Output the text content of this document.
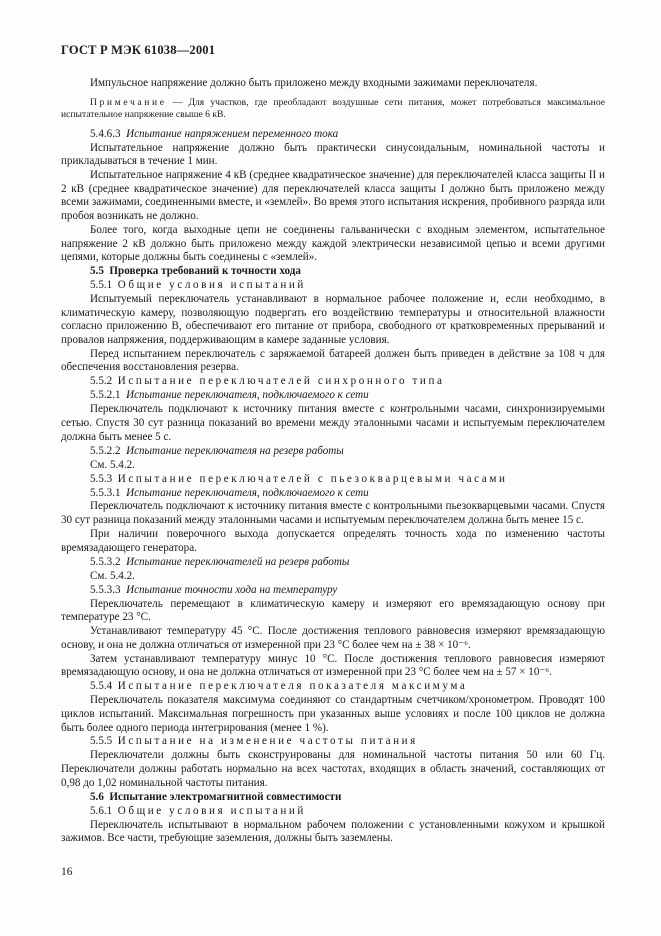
ГОСТ Р МЭК 61038—2001

Импульсное напряжение должно быть приложено между входными зажимами переключателя.

Примечание — Для участков, где преобладают воздушные сети питания, может потребоваться максимальное испытательное напряжение свыше 6 кВ.

5.4.6.3 Испытание напряжением переменного тока

Испытательное напряжение должно быть практически синусоидальным, номинальной частоты и прикладываться в течение 1 мин.

Испытательное напряжение 4 кВ (среднее квадратическое значение) для переключателей класса защиты II и 2 кВ (среднее квадратическое значение) для переключателей класса защиты I должно быть приложено между всеми зажимами, соединенными вместе, и «землей». Во время этого испытания искрения, пробивного разряда или пробоя возникать не должно.

Более того, когда выходные цепи не соединены гальванически с входным элементом, испытательное напряжение 2 кВ должно быть приложено между каждой электрически независимой цепью и всеми другими цепями, которые должны быть соединены с «землей».

5.5 Проверка требований к точности хода

5.5.1 Общие условия испытаний

Испытуемый переключатель устанавливают в нормальное рабочее положение и, если необходимо, в климатическую камеру, позволяющую подвергать его воздействию температуры и относительной влажности согласно приложению В, обеспечивают его питание от прибора, свободного от кратковременных прерываний и провалов напряжения, поддерживающим в камере заданные условия.

Перед испытанием переключатель с заряжаемой батареей должен быть приведен в действие за 108 ч для обеспечения восстановления резерва.

5.5.2 Испытание переключателей синхронного типа

5.5.2.1 Испытание переключателя, подключаемого к сети

Переключатель подключают к источнику питания вместе с контрольными часами, синхронизируемыми сетью. Спустя 30 сут разница показаний во времени между эталонными часами и испытуемым переключателем должна быть менее 5 с.

5.5.2.2 Испытание переключателя на резерв работы

См. 5.4.2.

5.5.3 Испытание переключателей с пьезокварцевыми часами

5.5.3.1 Испытание переключателя, подключаемого к сети

Переключатель подключают к источнику питания вместе с контрольными пьезокварцевыми часами. Спустя 30 сут разница показаний между эталонными часами и испытуемым переключателем должна быть менее 15 с.

При наличии поверочного выхода допускается определять точность хода по изменению частоты времязадающего генератора.

5.5.3.2 Испытание переключателей на резерв работы

См. 5.4.2.

5.5.3.3 Испытание точности хода на температуру

Переключатель перемещают в климатическую камеру и измеряют его времязадающую основу при температуре 23 °С.

Устанавливают температуру 45 °С. После достижения теплового равновесия измеряют времязадающую основу, и она не должна отличаться от измеренной при 23 °С более чем на ± 38 × 10⁻⁶.

Затем устанавливают температуру минус 10 °С. После достижения теплового равновесия измеряют времязадающую основу, и она не должна отличаться от измеренной при 23 °С более чем на ± 57 × 10⁻⁶.

5.5.4 Испытание переключателя показателя максимума

Переключатель показателя максимума соединяют со стандартным счетчиком/хронометром. Проводят 100 циклов испытаний. Максимальная погрешность при указанных выше условиях и после 100 циклов не должна быть более одного периода интегрирования (менее 1 %).

5.5.5 Испытание на изменение частоты питания

Переключатели должны быть сконструированы для номинальной частоты питания 50 или 60 Гц. Переключатели должны работать нормально на всех частотах, входящих в область значений, составляющих от 0,98 до 1,02 номинальной частоты питания.

5.6 Испытание электромагнитной совместимости

5.6.1 Общие условия испытаний

Переключатель испытывают в нормальном рабочем положении с установленными кожухом и крышкой зажимов. Все части, требующие заземления, должны быть заземлены.

16
